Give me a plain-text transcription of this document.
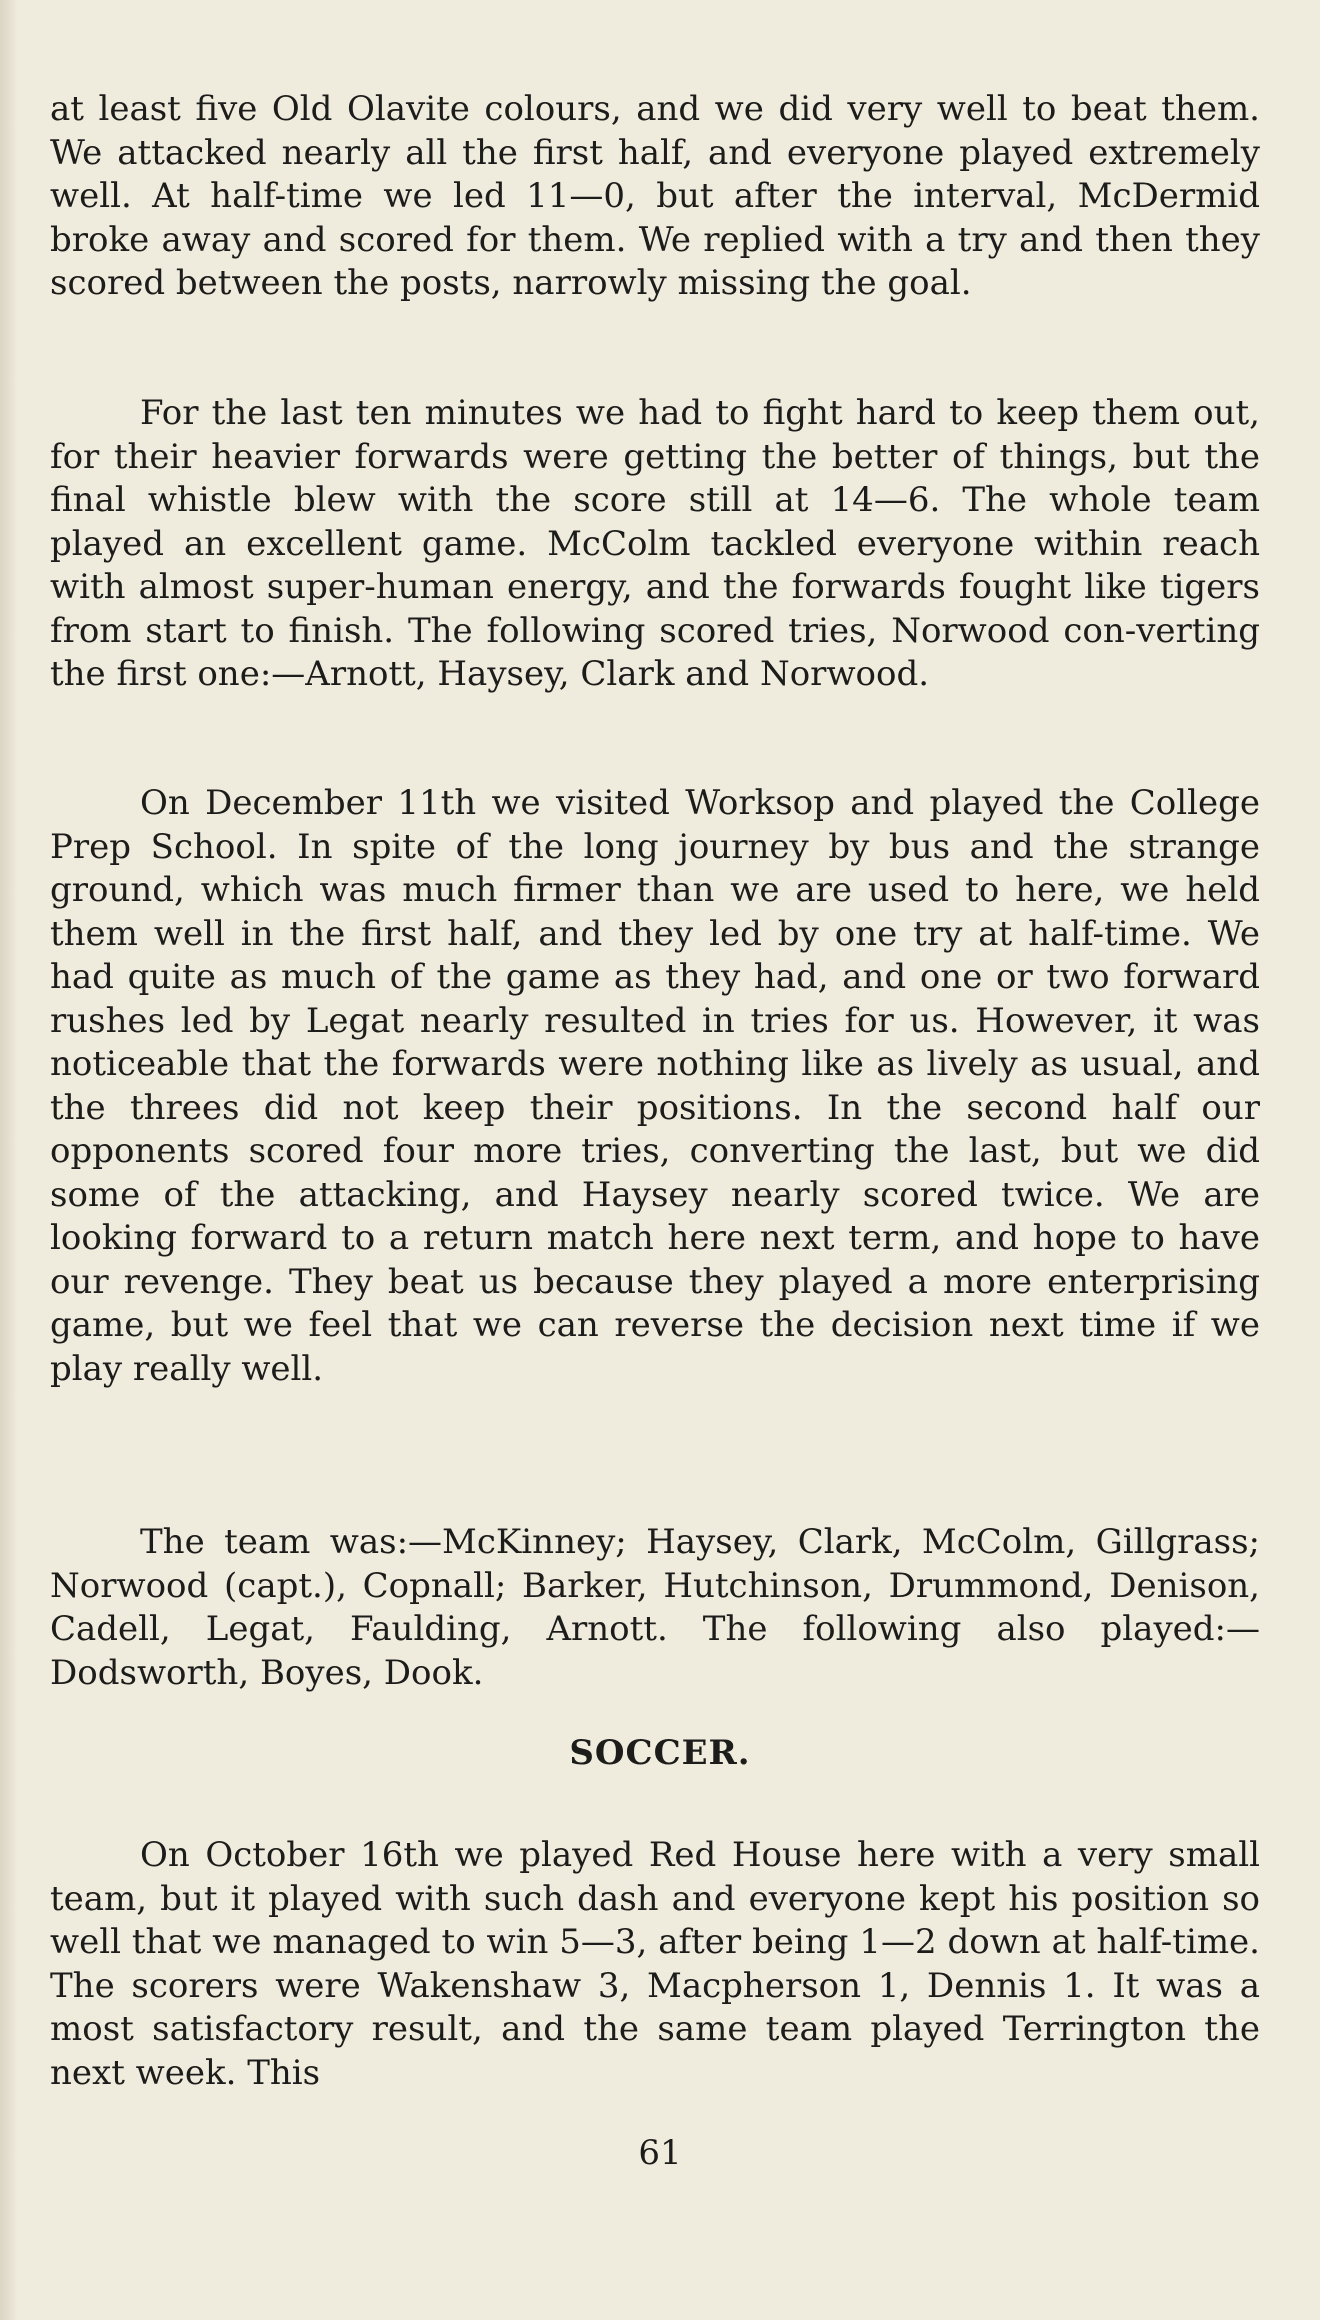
at least five Old Olavite colours, and we did very well to beat them. We attacked nearly all the first half, and everyone played extremely well. At half-time we led 11—0, but after the interval, McDermid broke away and scored for them. We replied with a try and then they scored between the posts, narrowly missing the goal.

For the last ten minutes we had to fight hard to keep them out, for their heavier forwards were getting the better of things, but the final whistle blew with the score still at 14—6. The whole team played an excellent game. McColm tackled everyone within reach with almost super-human energy, and the forwards fought like tigers from start to finish. The following scored tries, Norwood con-verting the first one:—Arnott, Haysey, Clark and Norwood.

On December 11th we visited Worksop and played the College Prep School. In spite of the long journey by bus and the strange ground, which was much firmer than we are used to here, we held them well in the first half, and they led by one try at half-time. We had quite as much of the game as they had, and one or two forward rushes led by Legat nearly resulted in tries for us. However, it was noticeable that the forwards were nothing like as lively as usual, and the threes did not keep their positions. In the second half our opponents scored four more tries, converting the last, but we did some of the attacking, and Haysey nearly scored twice. We are looking forward to a return match here next term, and hope to have our revenge. They beat us because they played a more enterprising game, but we feel that we can reverse the decision next time if we play really well.

The team was:—McKinney; Haysey, Clark, McColm, Gillgrass; Norwood (capt.), Copnall; Barker, Hutchinson, Drummond, Denison, Cadell, Legat, Faulding, Arnott. The following also played:—Dodsworth, Boyes, Dook.

SOCCER.

On October 16th we played Red House here with a very small team, but it played with such dash and everyone kept his position so well that we managed to win 5—3, after being 1—2 down at half-time. The scorers were Wakenshaw 3, Macpherson 1, Dennis 1. It was a most satisfactory result, and the same team played Terrington the next week. This

61
